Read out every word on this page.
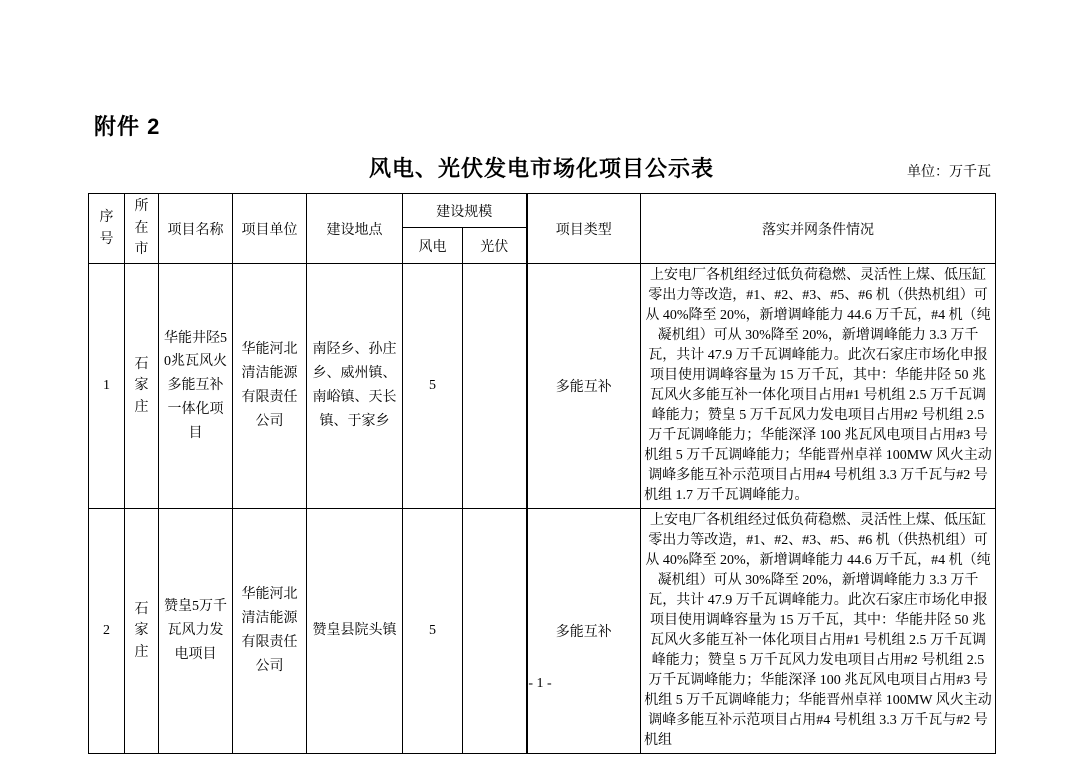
附件 2
风电、光伏发电市场化项目公示表	单位：万千瓦
序号	所在市	项目名称	项目单位	建设地点	建设规模		项目类型	落实并网条件情况
					风电	光伏		
1	石家庄	华能井陉50兆瓦风火多能互补一体化项目	华能河北清洁能源有限责任公司	南陉乡、孙庄乡、威州镇、南峪镇、天长镇、于家乡	5		多能互补	上安电厂各机组经过低负荷稳燃、灵活性上煤、低压缸零出力等改造，#1、#2、#3、#5、#6 机（供热机组）可从 40%降至 20%，新增调峰能力 44.6 万千瓦，#4 机（纯凝机组）可从 30%降至 20%，新增调峰能力 3.3 万千瓦，共计 47.9 万千瓦调峰能力。此次石家庄市场化申报项目使用调峰容量为 15 万千瓦，其中：华能井陉 50 兆瓦风火多能互补一体化项目占用#1 号机组 2.5 万千瓦调峰能力；赞皇 5 万千瓦风力发电项目占用#2 号机组 2.5 万千瓦调峰能力；华能深泽 100 兆瓦风电项目占用#3 号机组 5 万千瓦调峰能力；华能晋州卓祥 100MW 风火主动调峰多能互补示范项目占用#4 号机组 3.3 万千瓦与#2 号机组 1.7 万千瓦调峰能力。
2	石家庄	赞皇5万千瓦风力发电项目	华能河北清洁能源有限责任公司	赞皇县院头镇	5		多能互补	上安电厂各机组经过低负荷稳燃、灵活性上煤、低压缸零出力等改造，#1、#2、#3、#5、#6 机（供热机组）可从 40%降至 20%，新增调峰能力 44.6 万千瓦，#4 机（纯凝机组）可从 30%降至 20%，新增调峰能力 3.3 万千瓦，共计 47.9 万千瓦调峰能力。此次石家庄市场化申报项目使用调峰容量为 15 万千瓦，其中：华能井陉 50 兆瓦风火多能互补一体化项目占用#1 号机组 2.5 万千瓦调峰能力；赞皇 5 万千瓦风力发电项目占用#2 号机组 2.5 万千瓦调峰能力；华能深泽 100 兆瓦风电项目占用#3 号机组 5 万千瓦调峰能力；华能晋州卓祥 100MW 风火主动调峰多能互补示范项目占用#4 号机组 3.3 万千瓦与#2 号机组
- 1 -
